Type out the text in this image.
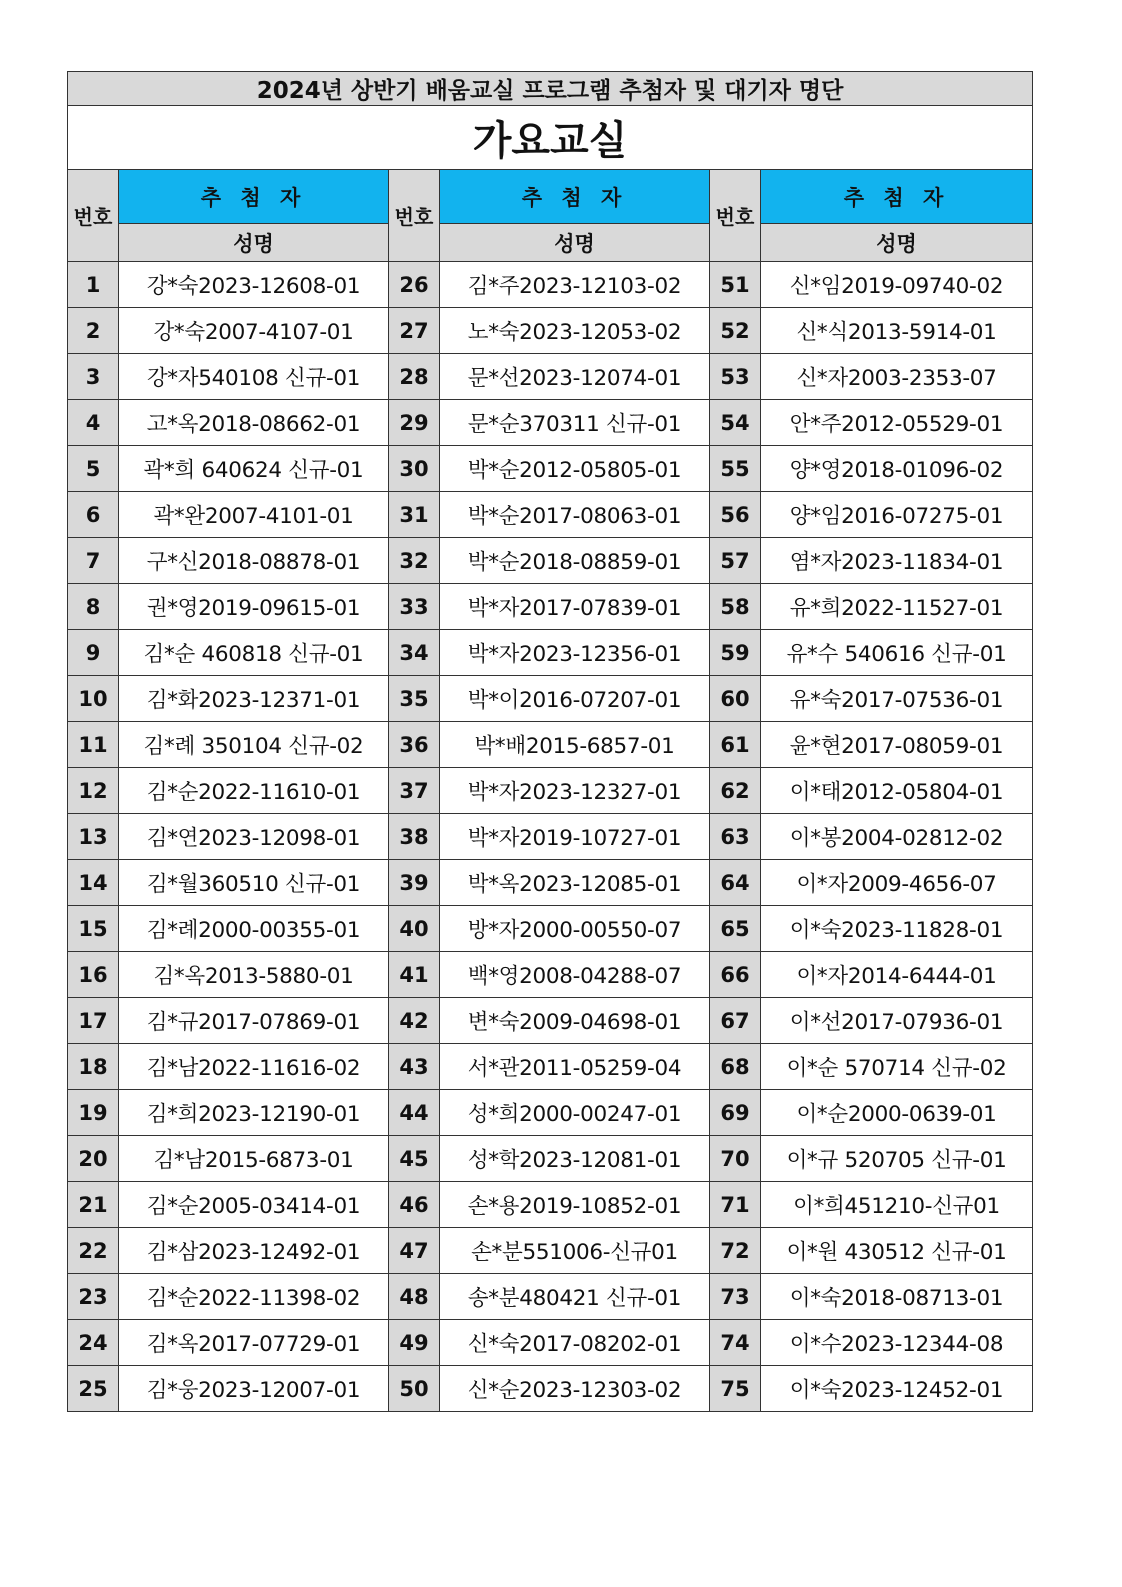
2024년 상반기 배움교실 프로그램 추첨자 및 대기자 명단					
가요교실					
번호	추 첨 자	번호	추 첨 자	번호	추 첨 자
	성명		성명		성명
1	강*숙2023-12608-01	26	김*주2023-12103-02	51	신*임2019-09740-02
2	강*숙2007-4107-01	27	노*숙2023-12053-02	52	신*식2013-5914-01
3	강*자540108 신규-01	28	문*선2023-12074-01	53	신*자2003-2353-07
4	고*옥2018-08662-01	29	문*순370311 신규-01	54	안*주2012-05529-01
5	곽*희 640624 신규-01	30	박*순2012-05805-01	55	양*영2018-01096-02
6	곽*완2007-4101-01	31	박*순2017-08063-01	56	양*임2016-07275-01
7	구*신2018-08878-01	32	박*순2018-08859-01	57	염*자2023-11834-01
8	권*영2019-09615-01	33	박*자2017-07839-01	58	유*희2022-11527-01
9	김*순 460818 신규-01	34	박*자2023-12356-01	59	유*수 540616 신규-01
10	김*화2023-12371-01	35	박*이2016-07207-01	60	유*숙2017-07536-01
11	김*례 350104 신규-02	36	박*배2015-6857-01	61	윤*현2017-08059-01
12	김*순2022-11610-01	37	박*자2023-12327-01	62	이*태2012-05804-01
13	김*연2023-12098-01	38	박*자2019-10727-01	63	이*봉2004-02812-02
14	김*월360510 신규-01	39	박*옥2023-12085-01	64	이*자2009-4656-07
15	김*례2000-00355-01	40	방*자2000-00550-07	65	이*숙2023-11828-01
16	김*옥2013-5880-01	41	백*영2008-04288-07	66	이*자2014-6444-01
17	김*규2017-07869-01	42	변*숙2009-04698-01	67	이*선2017-07936-01
18	김*남2022-11616-02	43	서*관2011-05259-04	68	이*순 570714 신규-02
19	김*희2023-12190-01	44	성*희2000-00247-01	69	이*순2000-0639-01
20	김*남2015-6873-01	45	성*학2023-12081-01	70	이*규 520705 신규-01
21	김*순2005-03414-01	46	손*용2019-10852-01	71	이*희451210-신규01
22	김*삼2023-12492-01	47	손*분551006-신규01	72	이*원 430512 신규-01
23	김*순2022-11398-02	48	송*분480421 신규-01	73	이*숙2018-08713-01
24	김*옥2017-07729-01	49	신*숙2017-08202-01	74	이*수2023-12344-08
25	김*웅2023-12007-01	50	신*순2023-12303-02	75	이*숙2023-12452-01
